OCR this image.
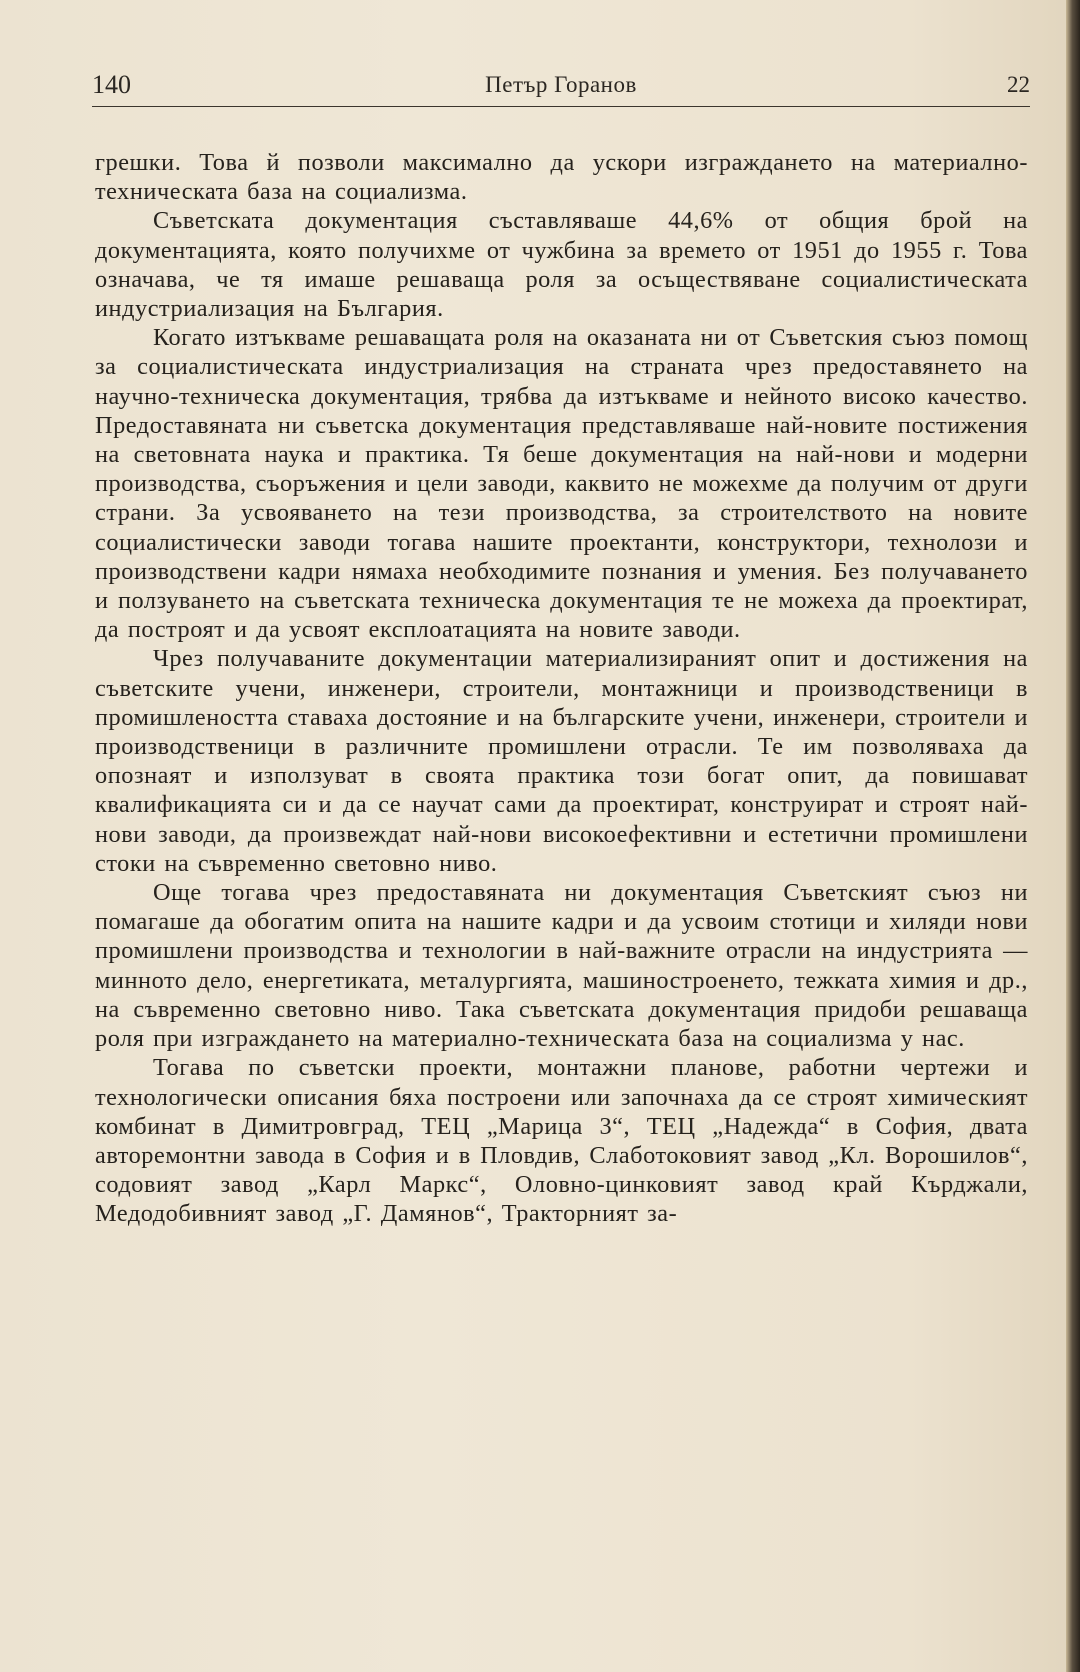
140	Петър Горанов	22

грешки. Това й позволи максимално да ускори изграждането на материално-техническата база на социализма.

Съветската документация съставляваше 44,6% от общия брой на документацията, която получихме от чужбина за времето от 1951 до 1955 г. Това означава, че тя имаше решаваща роля за осъществяване социалистическата индустриализация на България.

Когато изтъкваме решаващата роля на оказаната ни от Съветския съюз помощ за социалистическата индустриализация на страната чрез предоставянето на научно-техническа документация, трябва да изтъкваме и нейното високо качество. Предоставяната ни съветска документация представляваше най-новите постижения на световната наука и практика. Тя беше документация на най-нови и модерни производства, съоръжения и цели заводи, каквито не можехме да получим от други страни. За усвояването на тези производства, за строителството на новите социалистически заводи тогава нашите проектанти, конструктори, технолози и производствени кадри нямаха необходимите познания и умения. Без получаването и ползуването на съветската техническа документация те не можеха да проектират, да построят и да усвоят експлоатацията на новите заводи.

Чрез получаваните документации материализираният опит и достижения на съветските учени, инженери, строители, монтажници и производственици в промишлеността ставаха достояние и на българските учени, инженери, строители и производственици в различните промишлени отрасли. Те им позволяваха да опознаят и използуват в своята практика този богат опит, да повишават квалификацията си и да се научат сами да проектират, конструират и строят най-нови заводи, да произвеждат най-нови високоефективни и естетични промишлени стоки на съвременно световно ниво.

Още тогава чрез предоставяната ни документация Съветският съюз ни помагаше да обогатим опита на нашите кадри и да усвоим стотици и хиляди нови промишлени производства и технологии в най-важните отрасли на индустрията — минното дело, енергетиката, металургията, машиностроенето, тежката химия и др., на съвременно световно ниво. Така съветската документация придоби решаваща роля при изграждането на материално-техническата база на социализма у нас.

Тогава по съветски проекти, монтажни планове, работни чертежи и технологически описания бяха построени или започнаха да се строят химическият комбинат в Димитровград, ТЕЦ „Марица 3“, ТЕЦ „Надежда“ в София, двата авторемонтни завода в София и в Пловдив, Слаботоковият завод „Кл. Ворошилов“, содовият завод „Карл Маркс“, Оловно-цинковият завод край Кърджали, Медодобивният завод „Г. Дамянов“, Тракторният за-
